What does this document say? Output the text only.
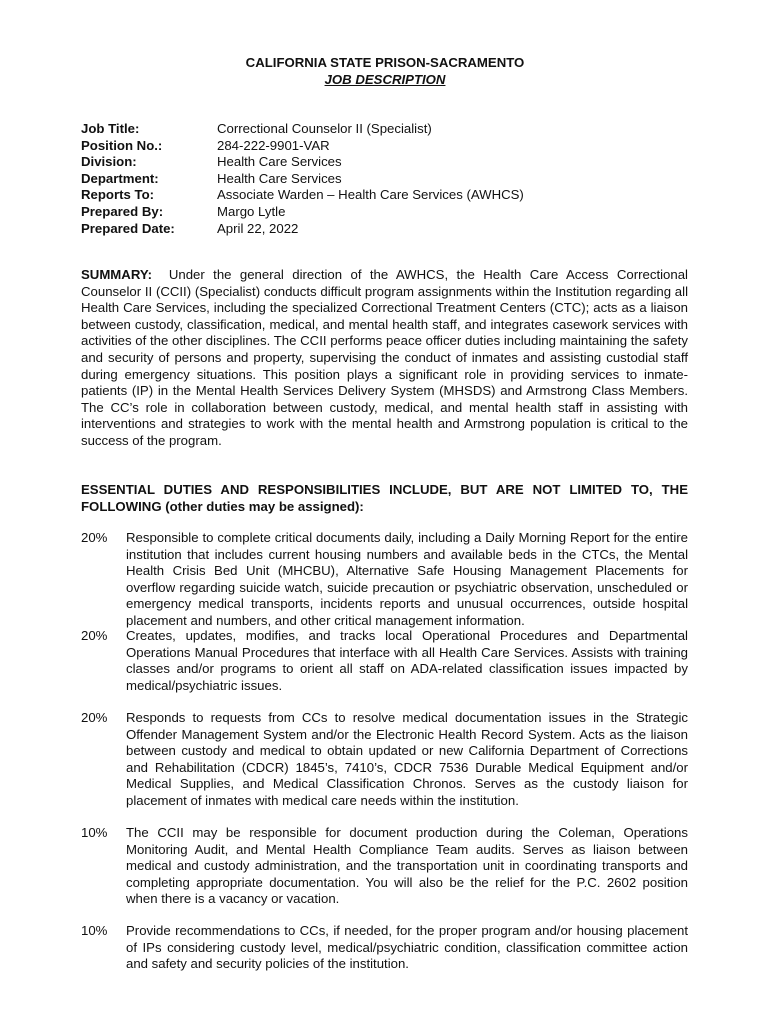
CALIFORNIA STATE PRISON-SACRAMENTO
JOB DESCRIPTION
Job Title:	Correctional Counselor II (Specialist)
Position No.:	284-222-9901-VAR
Division:	Health Care Services
Department:	Health Care Services
Reports To:	Associate Warden – Health Care Services (AWHCS)
Prepared By:	Margo Lytle
Prepared Date:	April 22, 2022
SUMMARY: Under the general direction of the AWHCS, the Health Care Access Correctional Counselor II (CCII) (Specialist) conducts difficult program assignments within the Institution regarding all Health Care Services, including the specialized Correctional Treatment Centers (CTC); acts as a liaison between custody, classification, medical, and mental health staff, and integrates casework services with activities of the other disciplines. The CCII performs peace officer duties including maintaining the safety and security of persons and property, supervising the conduct of inmates and assisting custodial staff during emergency situations. This position plays a significant role in providing services to inmate-patients (IP) in the Mental Health Services Delivery System (MHSDS) and Armstrong Class Members. The CC’s role in collaboration between custody, medical, and mental health staff in assisting with interventions and strategies to work with the mental health and Armstrong population is critical to the success of the program.
ESSENTIAL DUTIES AND RESPONSIBILITIES INCLUDE, BUT ARE NOT LIMITED TO, THE FOLLOWING (other duties may be assigned):
20%	Responsible to complete critical documents daily, including a Daily Morning Report for the entire institution that includes current housing numbers and available beds in the CTCs, the Mental Health Crisis Bed Unit (MHCBU), Alternative Safe Housing Management Placements for overflow regarding suicide watch, suicide precaution or psychiatric observation, unscheduled or emergency medical transports, incidents reports and unusual occurrences, outside hospital placement and numbers, and other critical management information.
20%	Creates, updates, modifies, and tracks local Operational Procedures and Departmental Operations Manual Procedures that interface with all Health Care Services. Assists with training classes and/or programs to orient all staff on ADA-related classification issues impacted by medical/psychiatric issues.
20%	Responds to requests from CCs to resolve medical documentation issues in the Strategic Offender Management System and/or the Electronic Health Record System. Acts as the liaison between custody and medical to obtain updated or new California Department of Corrections and Rehabilitation (CDCR) 1845’s, 7410’s, CDCR 7536 Durable Medical Equipment and/or Medical Supplies, and Medical Classification Chronos. Serves as the custody liaison for placement of inmates with medical care needs within the institution.
10%	The CCII may be responsible for document production during the Coleman, Operations Monitoring Audit, and Mental Health Compliance Team audits. Serves as liaison between medical and custody administration, and the transportation unit in coordinating transports and completing appropriate documentation. You will also be the relief for the P.C. 2602 position when there is a vacancy or vacation.
10%	Provide recommendations to CCs, if needed, for the proper program and/or housing placement of IPs considering custody level, medical/psychiatric condition, classification committee action and safety and security policies of the institution.
